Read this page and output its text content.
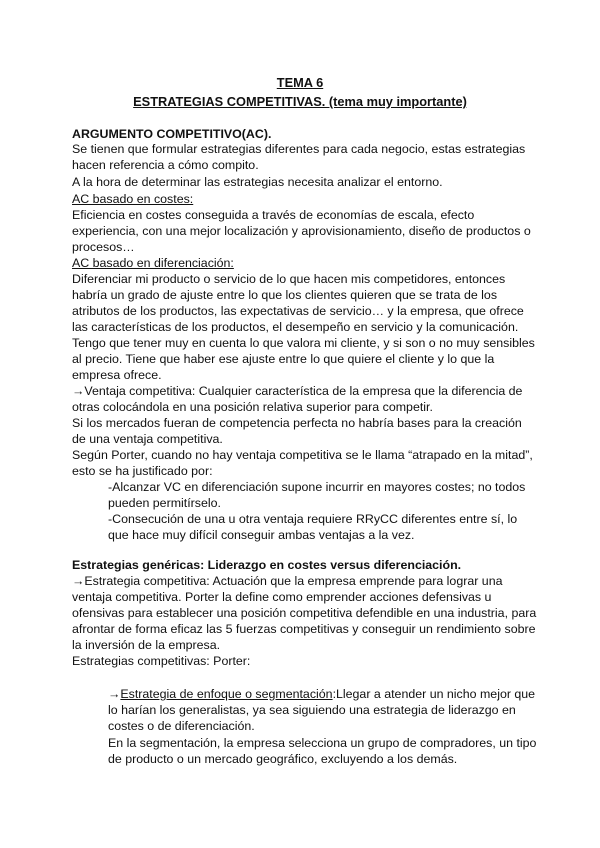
TEMA 6
ESTRATEGIAS COMPETITIVAS. (tema muy importante)
ARGUMENTO COMPETITIVO(AC).
Se tienen que formular estrategias diferentes para cada negocio, estas estrategias
hacen referencia a cómo compito.
A la hora de determinar las estrategias necesita analizar el entorno.
AC basado en costes:
Eficiencia en costes conseguida a través de economías de escala, efecto
experiencia, con una mejor localización y aprovisionamiento, diseño de productos o
procesos…
AC basado en diferenciación:
Diferenciar mi producto o servicio de lo que hacen mis competidores, entonces
habría un grado de ajuste entre lo que los clientes quieren que se trata de los
atributos de los productos, las expectativas de servicio… y la empresa, que ofrece
las características de los productos, el desempeño en servicio y la comunicación.
Tengo que tener muy en cuenta lo que valora mi cliente, y si son o no muy sensibles
al precio. Tiene que haber ese ajuste entre lo que quiere el cliente y lo que la
empresa ofrece.
→Ventaja competitiva: Cualquier característica de la empresa que la diferencia de
otras colocándola en una posición relativa superior para competir.
Si los mercados fueran de competencia perfecta no habría bases para la creación
de una ventaja competitiva.
Según Porter, cuando no hay ventaja competitiva se le llama “atrapado en la mitad”,
esto se ha justificado por:
-Alcanzar VC en diferenciación supone incurrir en mayores costes; no todos
pueden permitírselo.
-Consecución de una u otra ventaja requiere RRyCC diferentes entre sí, lo
que hace muy difícil conseguir ambas ventajas a la vez.
Estrategias genéricas: Liderazgo en costes versus diferenciación.
→Estrategia competitiva: Actuación que la empresa emprende para lograr una
ventaja competitiva. Porter la define como emprender acciones defensivas u
ofensivas para establecer una posición competitiva defendible en una industria, para
afrontar de forma eficaz las 5 fuerzas competitivas y conseguir un rendimiento sobre
la inversión de la empresa.
Estrategias competitivas: Porter:
→Estrategia de enfoque o segmentación:Llegar a atender un nicho mejor que
lo harían los generalistas, ya sea siguiendo una estrategia de liderazgo en
costes o de diferenciación.
En la segmentación, la empresa selecciona un grupo de compradores, un tipo
de producto o un mercado geográfico, excluyendo a los demás.
